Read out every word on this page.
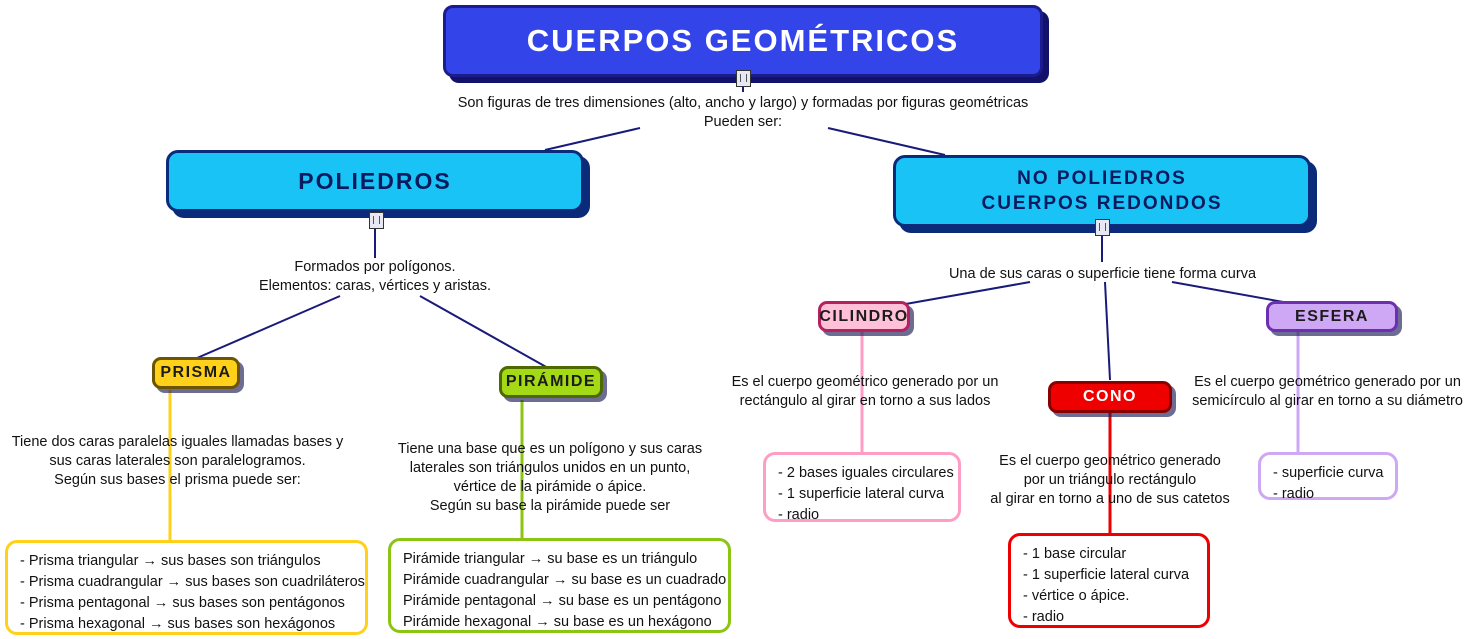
CUERPOS GEOMÉTRICOS
Son figuras de tres dimensiones (alto, ancho y largo) y formadas por figuras geométricas
Pueden ser:
POLIEDROS
Formados por polígonos.
Elementos: caras, vértices y aristas.
PRISMA
Tiene dos caras paralelas iguales llamadas bases y
sus caras laterales son paralelogramos.
Según sus bases el prisma puede ser:
- Prisma triangular → sus bases son triángulos
- Prisma cuadrangular → sus bases son cuadriláteros
- Prisma pentagonal → sus bases son pentágonos
- Prisma hexagonal → sus bases son hexágonos
PIRÁMIDE
Tiene una base que es un polígono y sus caras
laterales son triángulos unidos en un punto,
vértice de la pirámide o ápice.
Según su base la pirámide puede ser
Pirámide triangular → su base es un triángulo
Pirámide cuadrangular → su base es un cuadrado
Pirámide pentagonal → su base es un pentágono
Pirámide hexagonal → su base es un hexágono
NO POLIEDROS
CUERPOS REDONDOS
Una de sus caras o superficie tiene forma curva
CILINDRO
Es el cuerpo geométrico generado por un
rectángulo al girar en torno a sus lados
- 2 bases iguales circulares
- 1 superficie lateral curva
- radio
CONO
Es el cuerpo geométrico generado
por un triángulo rectángulo
al girar en torno a uno de sus catetos
- 1 base circular
- 1 superficie lateral curva
- vértice o ápice.
- radio
ESFERA
Es el cuerpo geométrico generado por un
semicírculo al girar en torno a su diámetro
- superficie curva
- radio
